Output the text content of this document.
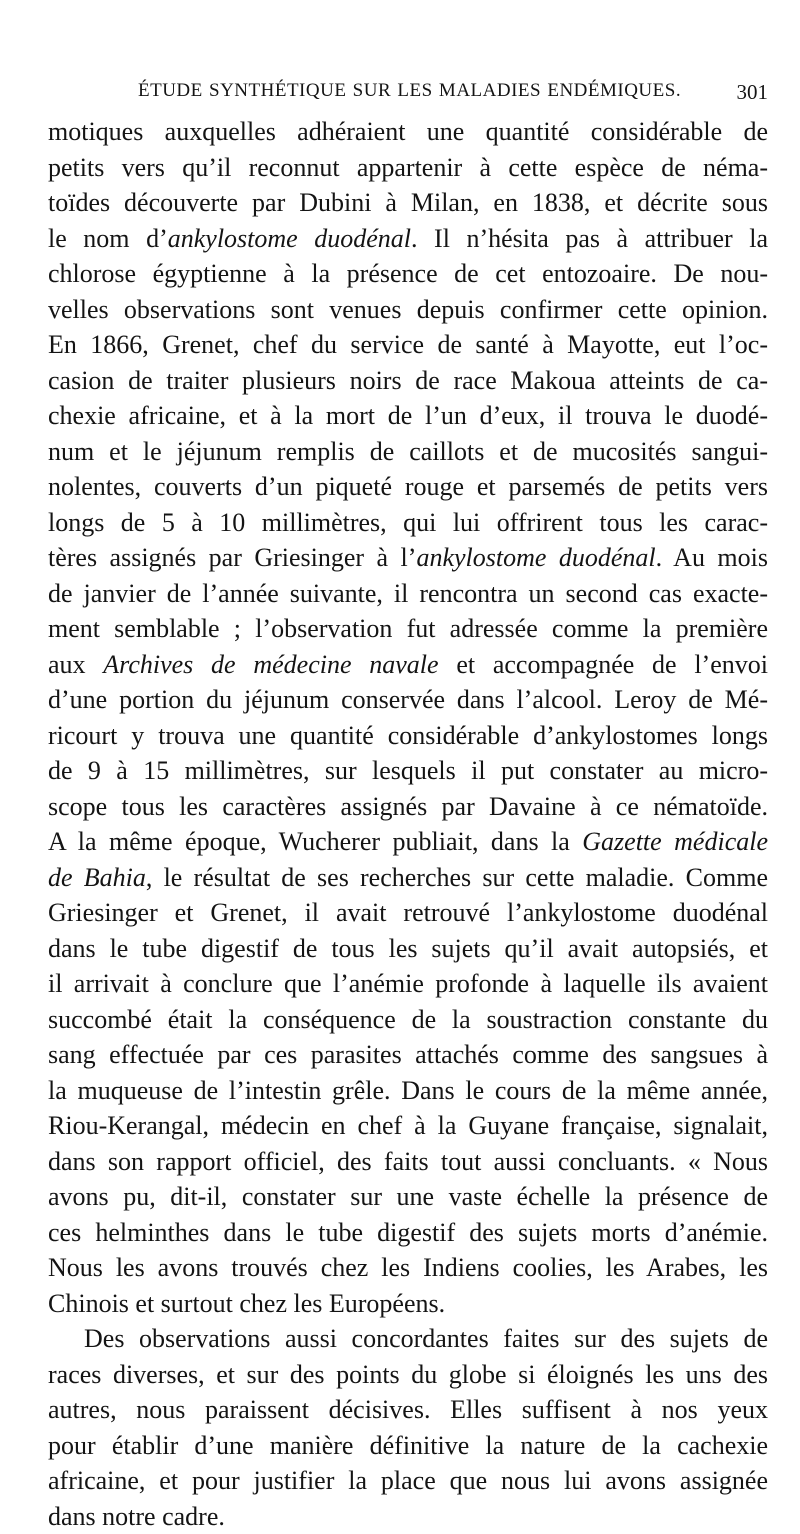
ÉTUDE SYNTHÉTIQUE SUR LES MALADIES ENDÉMIQUES.	301
motiques auxquelles adhéraient une quantité considérable de
petits vers qu’il reconnut appartenir à cette espèce de néma-
toïdes découverte par Dubini à Milan, en 1838, et décrite sous
le nom d’ankylostome duodénal. Il n’hésita pas à attribuer la
chlorose égyptienne à la présence de cet entozoaire. De nou-
velles observations sont venues depuis confirmer cette opinion.
En 1866, Grenet, chef du service de santé à Mayotte, eut l’oc-
casion de traiter plusieurs noirs de race Makoua atteints de ca-
chexie africaine, et à la mort de l’un d’eux, il trouva le duodé-
num et le jéjunum remplis de caillots et de mucosités sangui-
nolentes, couverts d’un piqueté rouge et parsemés de petits vers
longs de 5 à 10 millimètres, qui lui offrirent tous les carac-
tères assignés par Griesinger à l’ankylostome duodénal. Au mois
de janvier de l’année suivante, il rencontra un second cas exacte-
ment semblable ; l’observation fut adressée comme la première
aux Archives de médecine navale et accompagnée de l’envoi
d’une portion du jéjunum conservée dans l’alcool. Leroy de Mé-
ricourt y trouva une quantité considérable d’ankylostomes longs
de 9 à 15 millimètres, sur lesquels il put constater au micro-
scope tous les caractères assignés par Davaine à ce nématoïde.
A la même époque, Wucherer publiait, dans la Gazette médicale
de Bahia, le résultat de ses recherches sur cette maladie. Comme
Griesinger et Grenet, il avait retrouvé l’ankylostome duodénal
dans le tube digestif de tous les sujets qu’il avait autopsiés, et
il arrivait à conclure que l’anémie profonde à laquelle ils avaient
succombé était la conséquence de la soustraction constante du
sang effectuée par ces parasites attachés comme des sangsues à
la muqueuse de l’intestin grêle. Dans le cours de la même année,
Riou-Kerangal, médecin en chef à la Guyane française, signalait,
dans son rapport officiel, des faits tout aussi concluants. « Nous
avons pu, dit-il, constater sur une vaste échelle la présence de
ces helminthes dans le tube digestif des sujets morts d’anémie.
Nous les avons trouvés chez les Indiens coolies, les Arabes, les
Chinois et surtout chez les Européens.
Des observations aussi concordantes faites sur des sujets de
races diverses, et sur des points du globe si éloignés les uns des
autres, nous paraissent décisives. Elles suffisent à nos yeux
pour établir d’une manière définitive la nature de la cachexie
africaine, et pour justifier la place que nous lui avons assignée
dans notre cadre.
